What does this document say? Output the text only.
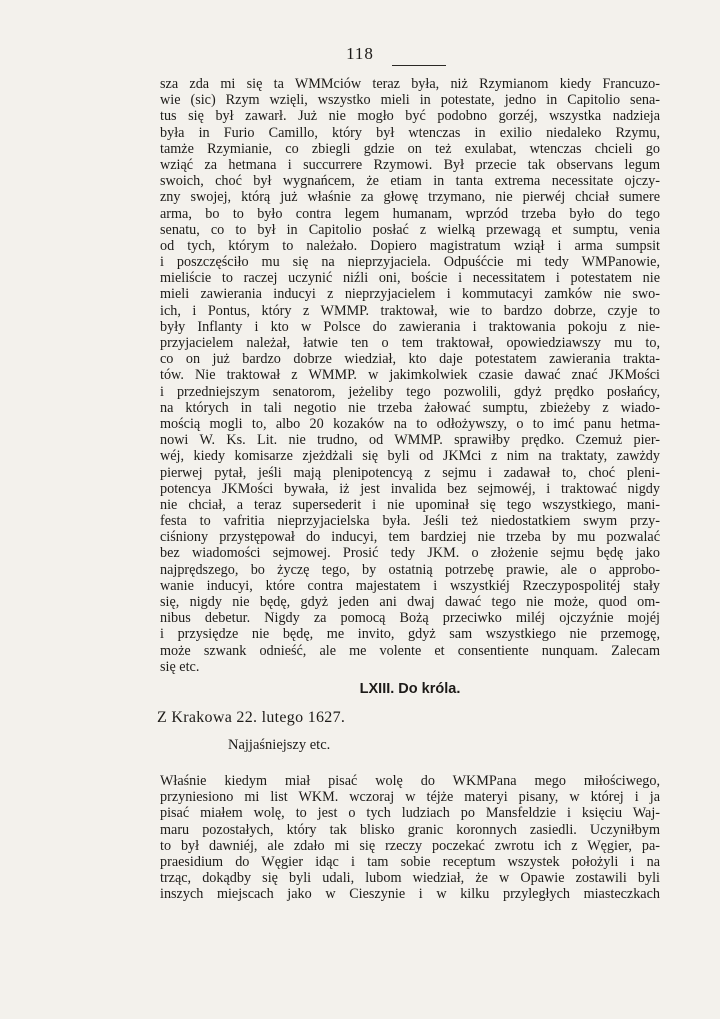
118
sza zda mi się ta WMMciów teraz była, niż Rzymianom kiedy Francuzo-
wie (sic) Rzym wzięli, wszystko mieli in potestate, jedno in Capitolio sena-
tus się był zawarł. Już nie mogło być podobno gorzéj, wszystka nadzieja
była in Furio Camillo, który był wtenczas in exilio niedaleko Rzymu,
tamże Rzymianie, co zbiegli gdzie on też exulabat, wtenczas chcieli go
wziąć za hetmana i succurrere Rzymowi. Był przecie tak observans legum
swoich, choć był wygnańcem, że etiam in tanta extrema necessitate ojczy-
zny swojej, którą już właśnie za głowę trzymano, nie pierwéj chciał sumere
arma, bo to było contra legem humanam, wprzód trzeba było do tego
senatu, co to był in Capitolio posłać z wielką przewagą et sumptu, venia
od tych, którym to należało. Dopiero magistratum wziął i arma sumpsit
i poszczęściło mu się na nieprzyjaciela. Odpuśćcie mi tedy WMPanowie,
mieliście to raczej uczynić niźli oni, boście i necessitatem i potestatem nie
mieli zawierania inducyi z nieprzyjacielem i kommutacyi zamków nie swo-
ich, i Pontus, który z WMMP. traktował, wie to bardzo dobrze, czyje to
były Inflanty i kto w Polsce do zawierania i traktowania pokoju z nie-
przyjacielem należał, łatwie ten o tem traktował, opowiedziawszy mu to,
co on już bardzo dobrze wiedział, kto daje potestatem zawierania trakta-
tów. Nie traktował z WMMP. w jakimkolwiek czasie dawać znać JKMości
i przedniejszym senatorom, jeżeliby tego pozwolili, gdyż prędko posłańcy,
na których in tali negotio nie trzeba żałować sumptu, zbieżeby z wiado-
mością mogli to, albo 20 kozaków na to odłożywszy, o to imć panu hetma-
nowi W. Ks. Lit. nie trudno, od WMMP. sprawiłby prędko. Czemuż pier-
wéj, kiedy komisarze zjeżdżali się byli od JKMci z nim na traktaty, zawżdy
pierwej pytał, jeśli mają plenipotencyą z sejmu i zadawał to, choć pleni-
potencya JKMości bywała, iż jest invalida bez sejmowéj, i traktować nigdy
nie chciał, a teraz supersederit i nie upominał się tego wszystkiego, mani-
festa to vafritia nieprzyjacielska była. Jeśli też niedostatkiem swym przy-
ciśniony przystępował do inducyi, tem bardziej nie trzeba by mu pozwalać
bez wiadomości sejmowej. Prosić tedy JKM. o złożenie sejmu będę jako
najprędszego, bo życzę tego, by ostatnią potrzebę prawie, ale o approbo-
wanie inducyi, które contra majestatem i wszystkiéj Rzeczypospolitéj stały
się, nigdy nie będę, gdyż jeden ani dwaj dawać tego nie może, quod om-
nibus debetur. Nigdy za pomocą Bożą przeciwko miléj ojczyźnie mojéj
i przysiędze nie będę, me invito, gdyż sam wszystkiego nie przemogę,
może szwank odnieść, ale me volente et consentiente nunquam. Zalecam
się etc.
LXIII. Do króla.
Z Krakowa 22. lutego 1627.
Najjaśniejszy etc.
Właśnie kiedym miał pisać wolę do WKMPana mego miłościwego,
przyniesiono mi list WKM. wczoraj w téjże materyi pisany, w której i ja
pisać miałem wolę, to jest o tych ludziach po Mansfeldzie i księciu Waj-
maru pozostałych, który tak blisko granic koronnych zasiedli. Uczyniłbym
to był dawniéj, ale zdało mi się rzeczy poczekać zwrotu ich z Węgier, pa-
praesidium do Węgier idąc i tam sobie receptum wszystek położyli i na
trząc, dokądby się byli udali, lubom wiedział, że w Opawie zostawili byli
inszych miejscach jako w Cieszynie i w kilku przyległych miasteczkach
